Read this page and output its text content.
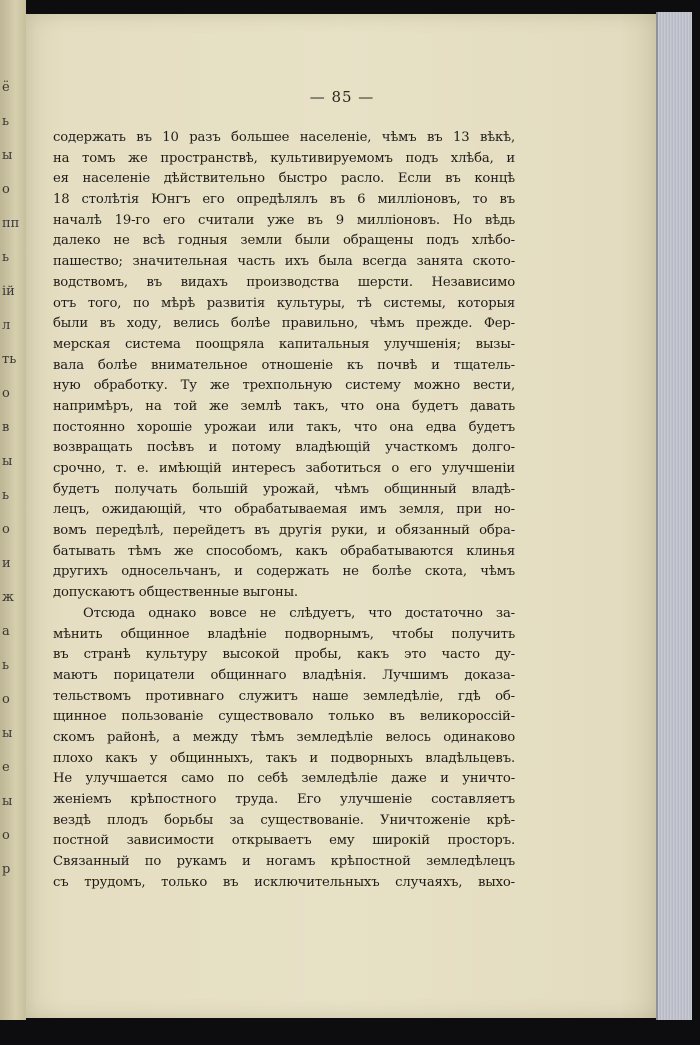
ё
ь
ы
о
пп
ь
ій
л
ть
о
в
ы
ь
о
и
ж
а
ь
о
ы
е
ы
о
р
— 85 —
содержать въ 10 разъ большее населеніе, чѣмъ въ 13 вѣкѣ,
на томъ же пространствѣ, культивируемомъ подъ хлѣба, и
ея населеніе дѣйствительно быстро расло. Если въ концѣ
18 столѣтія Юнгъ его опредѣлялъ въ 6 милліоновъ, то въ
началѣ 19-го его считали уже въ 9 милліоновъ. Но вѣдь
далеко не всѣ годныя земли были обращены подъ хлѣбо-
пашество; значительная часть ихъ была всегда занята ското-
водствомъ, въ видахъ производства шерсти. Независимо
отъ того, по мѣрѣ развитія культуры, тѣ системы, которыя
были въ ходу, велись болѣе правильно, чѣмъ прежде. Фер-
мерская система поощряла капитальныя улучшенія; вызы-
вала болѣе внимательное отношеніе къ почвѣ и тщатель-
ную обработку. Ту же трехпольную систему можно вести,
напримѣръ, на той же землѣ такъ, что она будетъ давать
постоянно хорошіе урожаи или такъ, что она едва будетъ
возвращать посѣвъ и потому владѣющій участкомъ долго-
срочно, т. е. имѣющій интересъ заботиться о его улучшеніи
будетъ получать большій урожай, чѣмъ общинный владѣ-
лецъ, ожидающій, что обрабатываемая имъ земля, при но-
вомъ передѣлѣ, перейдетъ въ другія руки, и обязанный обра-
батывать тѣмъ же способомъ, какъ обрабатываются клинья
другихъ односельчанъ, и содержать не болѣе скота, чѣмъ
допускаютъ общественные выгоны.
Отсюда однако вовсе не слѣдуетъ, что достаточно за-
мѣнить общинное владѣніе подворнымъ, чтобы получить
въ странѣ культуру высокой пробы, какъ это часто ду-
маютъ порицатели общиннаго владѣнія. Лучшимъ доказа-
тельствомъ противнаго служитъ наше земледѣліе, гдѣ об-
щинное пользованіе существовало только въ великороссій-
скомъ районѣ, а между тѣмъ земледѣліе велось одинаково
плохо какъ у общинныхъ, такъ и подворныхъ владѣльцевъ.
Не улучшается само по себѣ земледѣліе даже и уничто-
женіемъ крѣпостного труда. Его улучшеніе составляетъ
вездѣ плодъ борьбы за существованіе. Уничтоженіе крѣ-
постной зависимости открываетъ ему широкій просторъ.
Связанный по рукамъ и ногамъ крѣпостной земледѣлецъ
съ трудомъ, только въ исключительныхъ случаяхъ, выхо-
